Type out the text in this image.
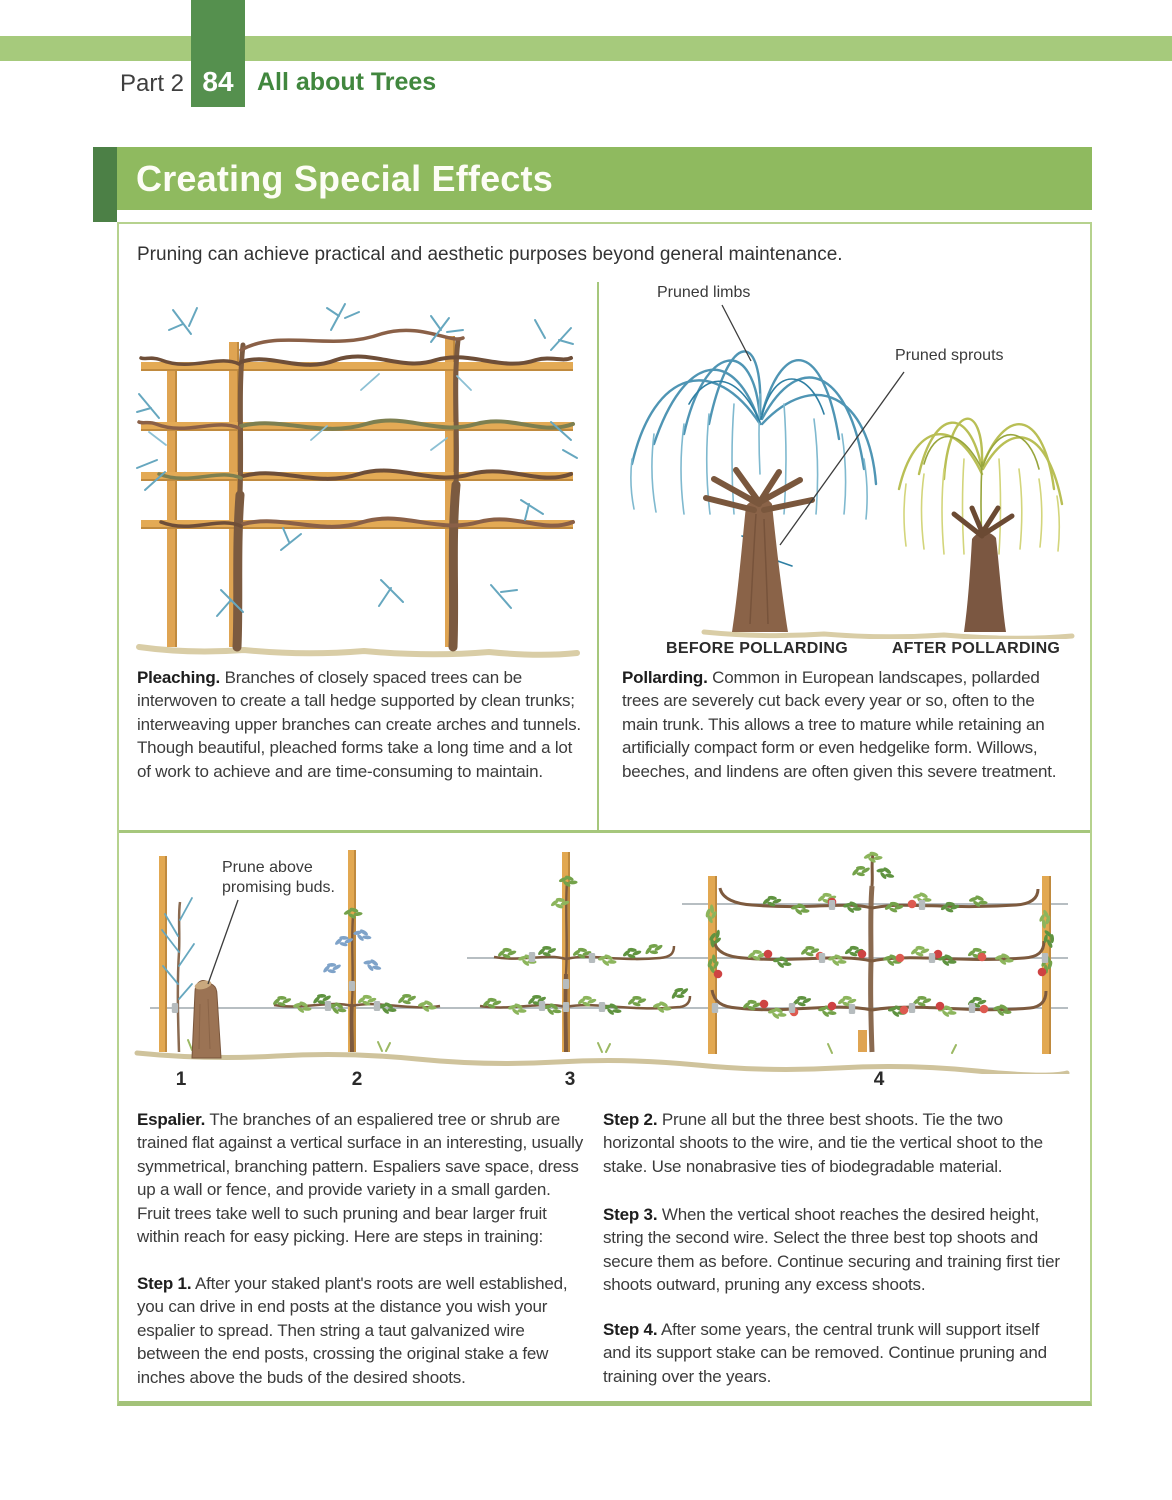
84
Part 2	All about Trees
Creating Special Effects
Pruning can achieve practical and aesthetic purposes beyond general maintenance.
Pruned limbs
Pruned sprouts
BEFORE POLLARDING	AFTER POLLARDING

Pleaching. Branches of closely spaced trees can be interwoven to create a tall hedge supported by clean trunks; interweaving upper branches can create arches and tunnels. Though beautiful, pleached forms take a long time and a lot of work to achieve and are time-consuming to maintain.

Pollarding. Common in European landscapes, pollarded trees are severely cut back every year or so, often to the main trunk. This allows a tree to mature while retaining an artificially compact form or even hedgelike form. Willows, beeches, and lindens are often given this severe treatment.

Prune above promising buds.
1	2	3	4

Espalier. The branches of an espaliered tree or shrub are trained flat against a vertical surface in an interesting, usually symmetrical, branching pattern. Espaliers save space, dress up a wall or fence, and provide variety in a small garden. Fruit trees take well to such pruning and bear larger fruit within reach for easy picking. Here are steps in training:

Step 1. After your staked plant's roots are well established, you can drive in end posts at the distance you wish your espalier to spread. Then string a taut galvanized wire between the end posts, crossing the original stake a few inches above the buds of the desired shoots.

Step 2. Prune all but the three best shoots. Tie the two horizontal shoots to the wire, and tie the vertical shoot to the stake. Use nonabrasive ties of biodegradable material.

Step 3. When the vertical shoot reaches the desired height, string the second wire. Select the three best top shoots and secure them as before. Continue securing and training first tier shoots outward, pruning any excess shoots.

Step 4. After some years, the central trunk will support itself and its support stake can be removed. Continue pruning and training over the years.
